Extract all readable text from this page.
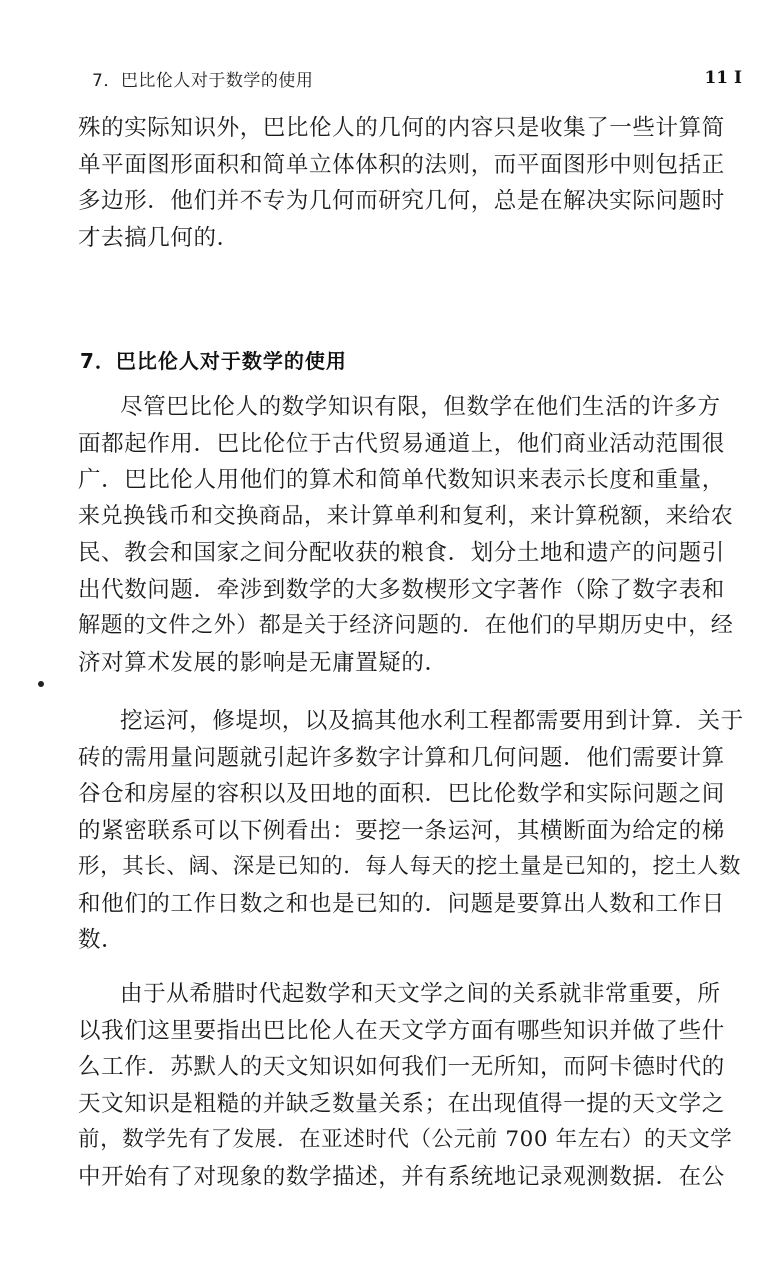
7．巴比伦人对于数学的使用	11 I
殊的实际知识外，巴比伦人的几何的内容只是收集了一些计算简
单平面图形面积和简单立体体积的法则，而平面图形中则包括正
多边形．他们并不专为几何而研究几何，总是在解决实际问题时
才去搞几何的．
7．巴比伦人对于数学的使用
尽管巴比伦人的数学知识有限，但数学在他们生活的许多方
面都起作用．巴比伦位于古代贸易通道上，他们商业活动范围很
广．巴比伦人用他们的算术和简单代数知识来表示长度和重量，
来兑换钱币和交换商品，来计算单利和复利，来计算税额，来给农
民、教会和国家之间分配收获的粮食．划分土地和遗产的问题引
出代数问题．牵涉到数学的大多数楔形文字著作（除了数字表和
解题的文件之外）都是关于经济问题的．在他们的早期历史中，经
济对算术发展的影响是无庸置疑的．
挖运河，修堤坝，以及搞其他水利工程都需要用到计算．关于
砖的需用量问题就引起许多数字计算和几何问题．他们需要计算
谷仓和房屋的容积以及田地的面积．巴比伦数学和实际问题之间
的紧密联系可以下例看出：要挖一条运河，其横断面为给定的梯
形，其长、阔、深是已知的．每人每天的挖土量是已知的，挖土人数
和他们的工作日数之和也是已知的．问题是要算出人数和工作日
数．
由于从希腊时代起数学和天文学之间的关系就非常重要，所
以我们这里要指出巴比伦人在天文学方面有哪些知识并做了些什
么工作．苏默人的天文知识如何我们一无所知，而阿卡德时代的
天文知识是粗糙的并缺乏数量关系；在出现值得一提的天文学之
前，数学先有了发展．在亚述时代（公元前 700 年左右）的天文学
中开始有了对现象的数学描述，并有系统地记录观测数据．在公
